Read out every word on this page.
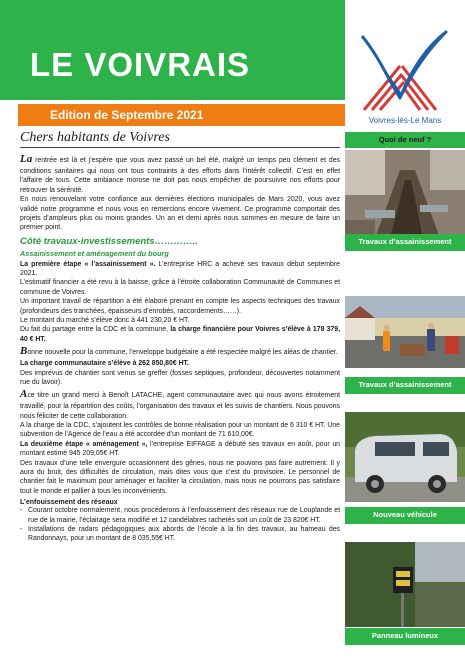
LE VOIVRAIS
Edition de Septembre 2021	Voivres-lès-Le Mans
Chers habitants de Voivres

La rentrée est là et j’espère que vous avez passé un bel été, malgré un temps peu clément et des conditions sanitaires qui nous ont tous contraints à des efforts dans l’intérêt collectif. C’est en effet l’affaire de tous. Cette ambiance morose ne doit pas nous empêcher de poursuivre nos efforts pour retrouver la sérénité.

En nous renouvelant votre confiance aux dernières élections municipales de Mars 2020, vous avez validé notre programme et nous vous en remercions encore vivement. Ce programme comportait des projets d’ampleurs plus ou moins grandes. Un an et demi après nous sommes en mesure de faire un premier point.

Côté travaux-investissements…………..
Assainissement et aménagement du bourg

La première étape « l’assainissement ». L’entreprise HRC a achevé ses travaux début septembre 2021.

L’estimatif financier a été revu à la baisse, grâce à l’étroite collaboration Communauté de Communes et commune de Voivres.

Un important travail de répartition a été élaboré prenant en compte les aspects techniques des travaux (profondeurs des tranchées, épaisseurs d’enrobés, raccordements……).

Le montant du marché s’élève donc à 441 230,20 € HT.

Du fait du partage entre la CDC et la commune, la charge financière pour Voivres s’élève à 178 379, 40 € HT.

Bonne nouvelle pour la commune, l’enveloppe budgétaire a été respectée malgré les aléas de chantier.

La charge communautaire s’élève à 262 850,80€ HT.

Des imprévus de chantier sont venus se greffer (fosses septiques, profondeur, découvertes notamment rue du lavoir).

Ace titre un grand merci à Benoît LATACHE, agent communautaire avec qui nous avons étroitement travaillé, pour la répartition des coûts, l’organisation des travaux et les suivis de chantiers. Nous pouvons nous féliciter de cette collaboration.

A la charge de la CDC, s’ajoutent les contrôles de bonne réalisation pour un montant de 6 310 € HT. Une subvention de l’Agence de l’eau a été accordée d’un montant de 71 610,00€.

La deuxième étape « aménagement », l’entreprise EIFFAGE a débuté ses travaux en août, pour un montant estimé 945 209,05€ HT.

Des travaux d’une telle envergure occasionnent des gênes, nous ne pouvons pas faire autrement. Il y aura du bruit, des difficultés de circulation, mais dites vous que c’est du provisoire. Le personnel de chantier fait le maximum pour aménager et faciliter la circulation, mais nous ne pourrons pas satisfaire tout le monde et pallier à tous les inconvénients.

L’enfouissement des réseaux
- Courant octobre normalement, nous procéderons à l’enfouissement des réseaux rue de Louplande et rue de la mairie, l’éclairage sera modifié et 12 candélabres rachetés soit un coût de 23 820€ HT.
- Installations de radars pédagogiques aux abords de l’école à la fin des travaux, au hameau des Randonnays, pour un montant de 8 035,55€ HT.
Quoi de neuf ?
Travaux d’assainissement
Travaux d’assainissement
Nouveau véhicule
Panneau lumineux
